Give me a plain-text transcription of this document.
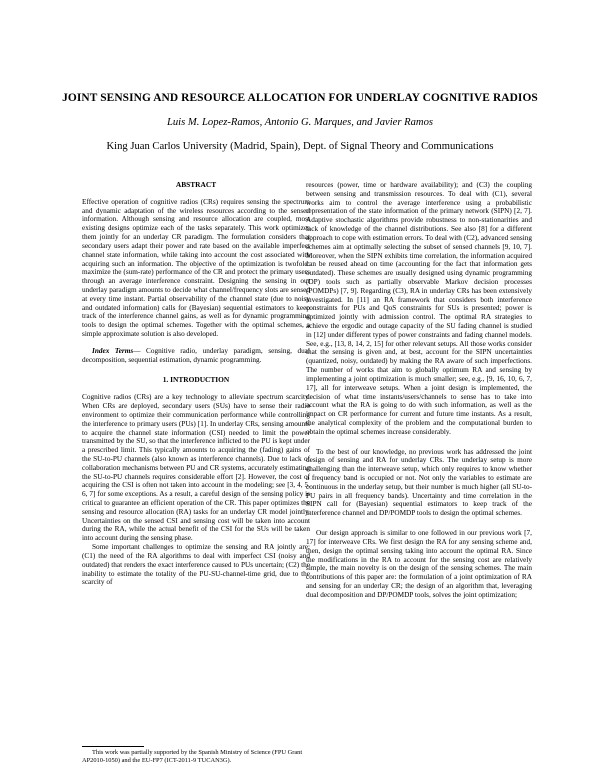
JOINT SENSING AND RESOURCE ALLOCATION FOR UNDERLAY COGNITIVE RADIOS
Luis M. Lopez-Ramos, Antonio G. Marques, and Javier Ramos
King Juan Carlos University (Madrid, Spain), Dept. of Signal Theory and Communications

ABSTRACT

Effective operation of cognitive radios (CRs) requires sensing the spectrum and dynamic adaptation of the wireless resources according to the sensed information. Although sensing and resource allocation are coupled, most existing designs optimize each of the tasks separately. This work optimizes them jointly for an underlay CR paradigm. The formulation considers that secondary users adapt their power and rate based on the available imperfect channel state information, while taking into account the cost associated with acquiring such an information. The objective of the optimization is twofold: maximize the (sum-rate) performance of the CR and protect the primary users through an average interference constraint. Designing the sensing in our underlay paradigm amounts to decide what channel/frequency slots are sensed at every time instant. Partial observability of the channel state (due to noisy and outdated information) calls for (Bayesian) sequential estimators to keep track of the interference channel gains, as well as for dynamic programming tools to design the optimal schemes. Together with the optimal schemes, a simple approximate solution is also developed.

Index Terms— Cognitive radio, underlay paradigm, sensing, dual decomposition, sequential estimation, dynamic programming.

1. INTRODUCTION

Cognitive radios (CRs) are a key technology to alleviate spectrum scarcity. When CRs are deployed, secondary users (SUs) have to sense their radio environment to optimize their communication performance while controlling the interference to primary users (PUs) [1]. In underlay CRs, sensing amounts to acquire the channel state information (CSI) needed to limit the power transmitted by the SU, so that the interference inflicted to the PU is kept under a prescribed limit. This typically amounts to acquiring the (fading) gains of the SU-to-PU channels (also known as interference channels). Due to lack of collaboration mechanisms between PU and CR systems, accurately estimating the SU-to-PU channels requires considerable effort [2]. However, the cost of acquiring the CSI is often not taken into account in the modeling; see [3, 4, 5, 6, 7] for some exceptions. As a result, a careful design of the sensing policy is critical to guarantee an efficient operation of the CR. This paper optimizes the sensing and resource allocation (RA) tasks for an underlay CR model jointly. Uncertainties on the sensed CSI and sensing cost will be taken into account during the RA, while the actual benefit of the CSI for the SUs will be taken into account during the sensing phase.

Some important challenges to optimize the sensing and RA jointly are: (C1) the need of the RA algorithms to deal with imperfect CSI (noisy and outdated) that renders the exact interference caused to PUs uncertain; (C2) the inability to estimate the totality of the PU-SU-channel-time grid, due to the scarcity of

resources (power, time or hardware availability); and (C3) the coupling between sensing and transmission resources. To deal with (C1), several works aim to control the average interference using a probabilistic representation of the state information of the primary network (SIPN) [2, 7]. Adaptive stochastic algorithms provide robustness to non-stationarities and lack of knowledge of the channel distributions. See also [8] for a different approach to cope with estimation errors. To deal with (C2), advanced sensing schemes aim at optimally selecting the subset of sensed channels [9, 10, 7]. Moreover, when the SIPN exhibits time correlation, the information acquired can be reused ahead on time (accounting for the fact that information gets outdated). These schemes are usually designed using dynamic programming (DP) tools such as partially observable Markov decision processes (POMDPs) [7, 9]. Regarding (C3), RA in underlay CRs has been extensively investigated. In [11] an RA framework that considers both interference constraints for PUs and QoS constraints for SUs is presented; power is optimized jointly with admission control. The optimal RA strategies to achieve the ergodic and outage capacity of the SU fading channel is studied in [12] under different types of power constraints and fading channel models. See, e.g., [13, 8, 14, 2, 15] for other relevant setups. All those works consider that the sensing is given and, at best, account for the SIPN uncertainties (quantized, noisy, outdated) by making the RA aware of such imperfections. The number of works that aim to globally optimum RA and sensing by implementing a joint optimization is much smaller; see, e.g., [9, 16, 10, 6, 7, 17], all for interweave setups. When a joint design is implemented, the decision of what time instants/users/channels to sense has to take into account what the RA is going to do with such information, as well as the impact on CR performance for current and future time instants. As a result, the analytical complexity of the problem and the computational burden to obtain the optimal schemes increase considerably.

To the best of our knowledge, no previous work has addressed the joint design of sensing and RA for underlay CRs. The underlay setup is more challenging than the interweave setup, which only requires to know whether a frequency band is occupied or not. Not only the variables to estimate are continuous in the underlay setup, but their number is much higher (all SU-to-PU pairs in all frequency bands). Uncertainty and time correlation in the SIPN call for (Bayesian) sequential estimators to keep track of the interference channel and DP/POMDP tools to design the optimal schemes.

Our design approach is similar to one followed in our previous work [7, 17] for interweave CRs. We first design the RA for any sensing scheme and, then, design the optimal sensing taking into account the optimal RA. Since the modifications in the RA to account for the sensing cost are relatively simple, the main novelty is on the design of the sensing schemes. The main contributions of this paper are: the formulation of a joint optimization of RA and sensing for an underlay CR; the design of an algorithm that, leveraging dual decomposition and DP/POMDP tools, solves the joint optimization;

This work was partially supported by the Spanish Ministry of Science (FPU Grant AP2010-1050) and the EU-FP7 (ICT-2011-9 TUCAN3G).
